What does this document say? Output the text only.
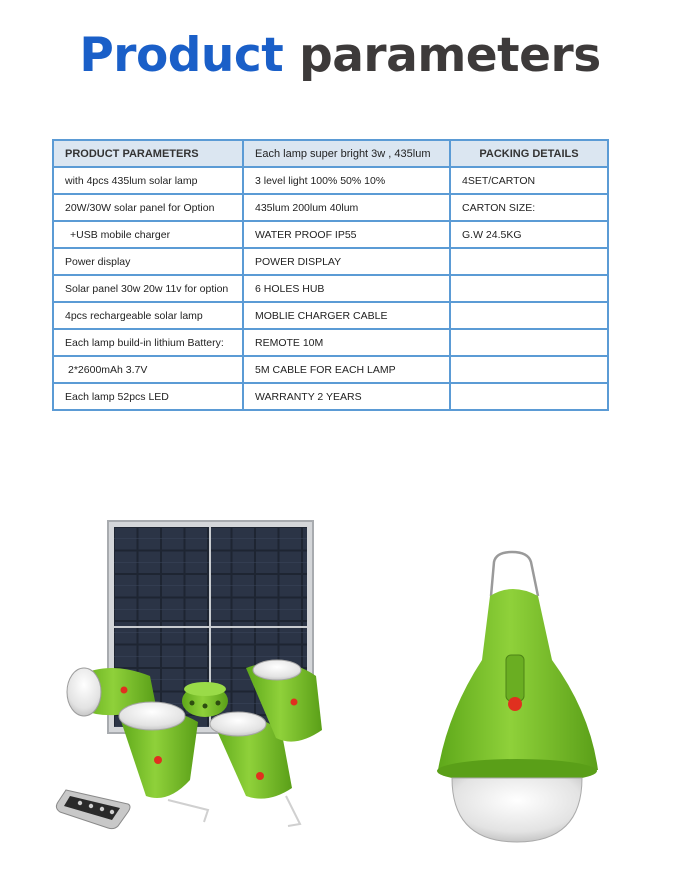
Product parameters
PRODUCT PARAMETERS	Each lamp super bright 3w , 435lum	PACKING DETAILS
with 4pcs 435lum solar lamp	3 level light 100% 50% 10%	4SET/CARTON
20W/30W solar panel for Option	435lum 200lum 40lum	CARTON SIZE:
+USB mobile charger	WATER PROOF IP55	G.W 24.5KG
Power display	POWER DISPLAY	
Solar panel 30w 20w 11v for option	6 HOLES HUB	
4pcs rechargeable solar lamp	MOBLIE CHARGER CABLE	
Each lamp build-in lithium Battery:	REMOTE 10M	
2*2600mAh 3.7V	5M CABLE FOR EACH LAMP	
Each lamp 52pcs LED	WARRANTY 2 YEARS	
